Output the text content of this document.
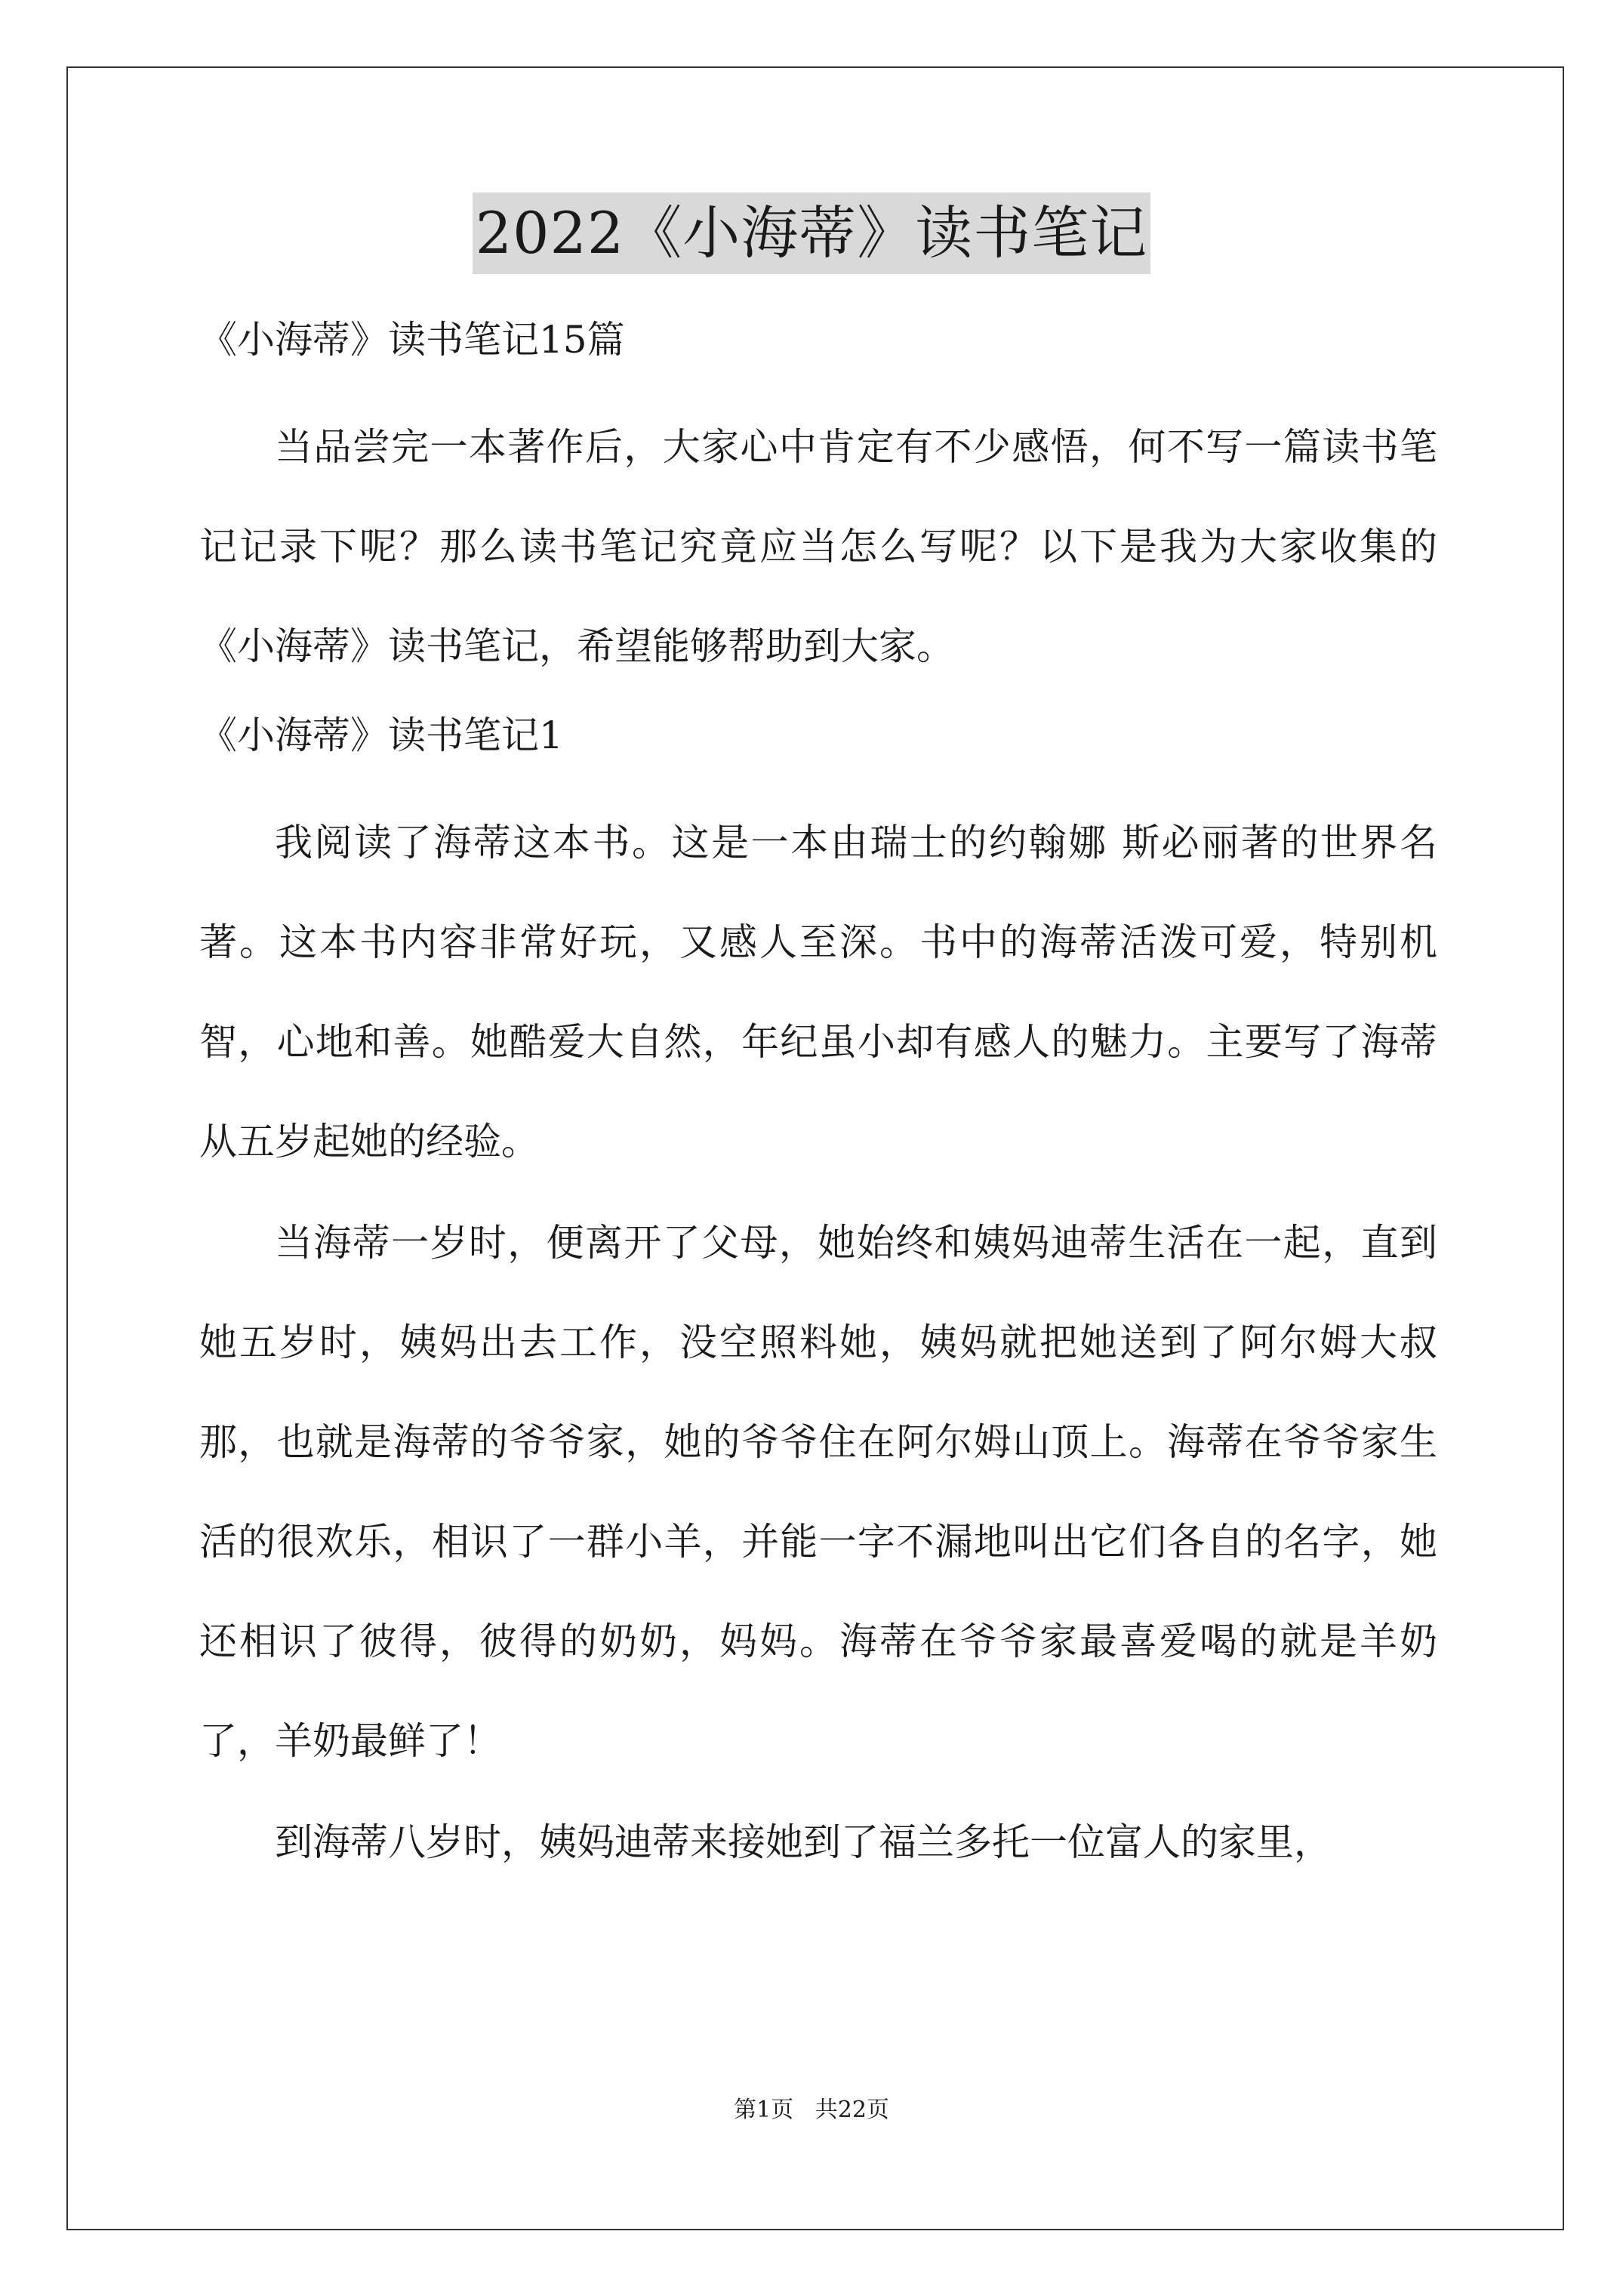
2022《小海蒂》读书笔记
《小海蒂》读书笔记15篇

当品尝完一本著作后，大家心中肯定有不少感悟，何不写一篇读书笔记记录下呢？那么读书笔记究竟应当怎么写呢？以下是我为大家收集的《小海蒂》读书笔记，希望能够帮助到大家。

《小海蒂》读书笔记1

我阅读了海蒂这本书。这是一本由瑞士的约翰娜 斯必丽著的世界名著。这本书内容非常好玩，又感人至深。书中的海蒂活泼可爱，特别机智，心地和善。她酷爱大自然，年纪虽小却有感人的魅力。主要写了海蒂从五岁起她的经验。

当海蒂一岁时，便离开了父母，她始终和姨妈迪蒂生活在一起，直到她五岁时，姨妈出去工作，没空照料她，姨妈就把她送到了阿尔姆大叔那，也就是海蒂的爷爷家，她的爷爷住在阿尔姆山顶上。海蒂在爷爷家生活的很欢乐，相识了一群小羊，并能一字不漏地叫出它们各自的名字，她还相识了彼得，彼得的奶奶，妈妈。海蒂在爷爷家最喜爱喝的就是羊奶了，羊奶最鲜了！

到海蒂八岁时，姨妈迪蒂来接她到了福兰多托一位富人的家里，

第1页   共22页
